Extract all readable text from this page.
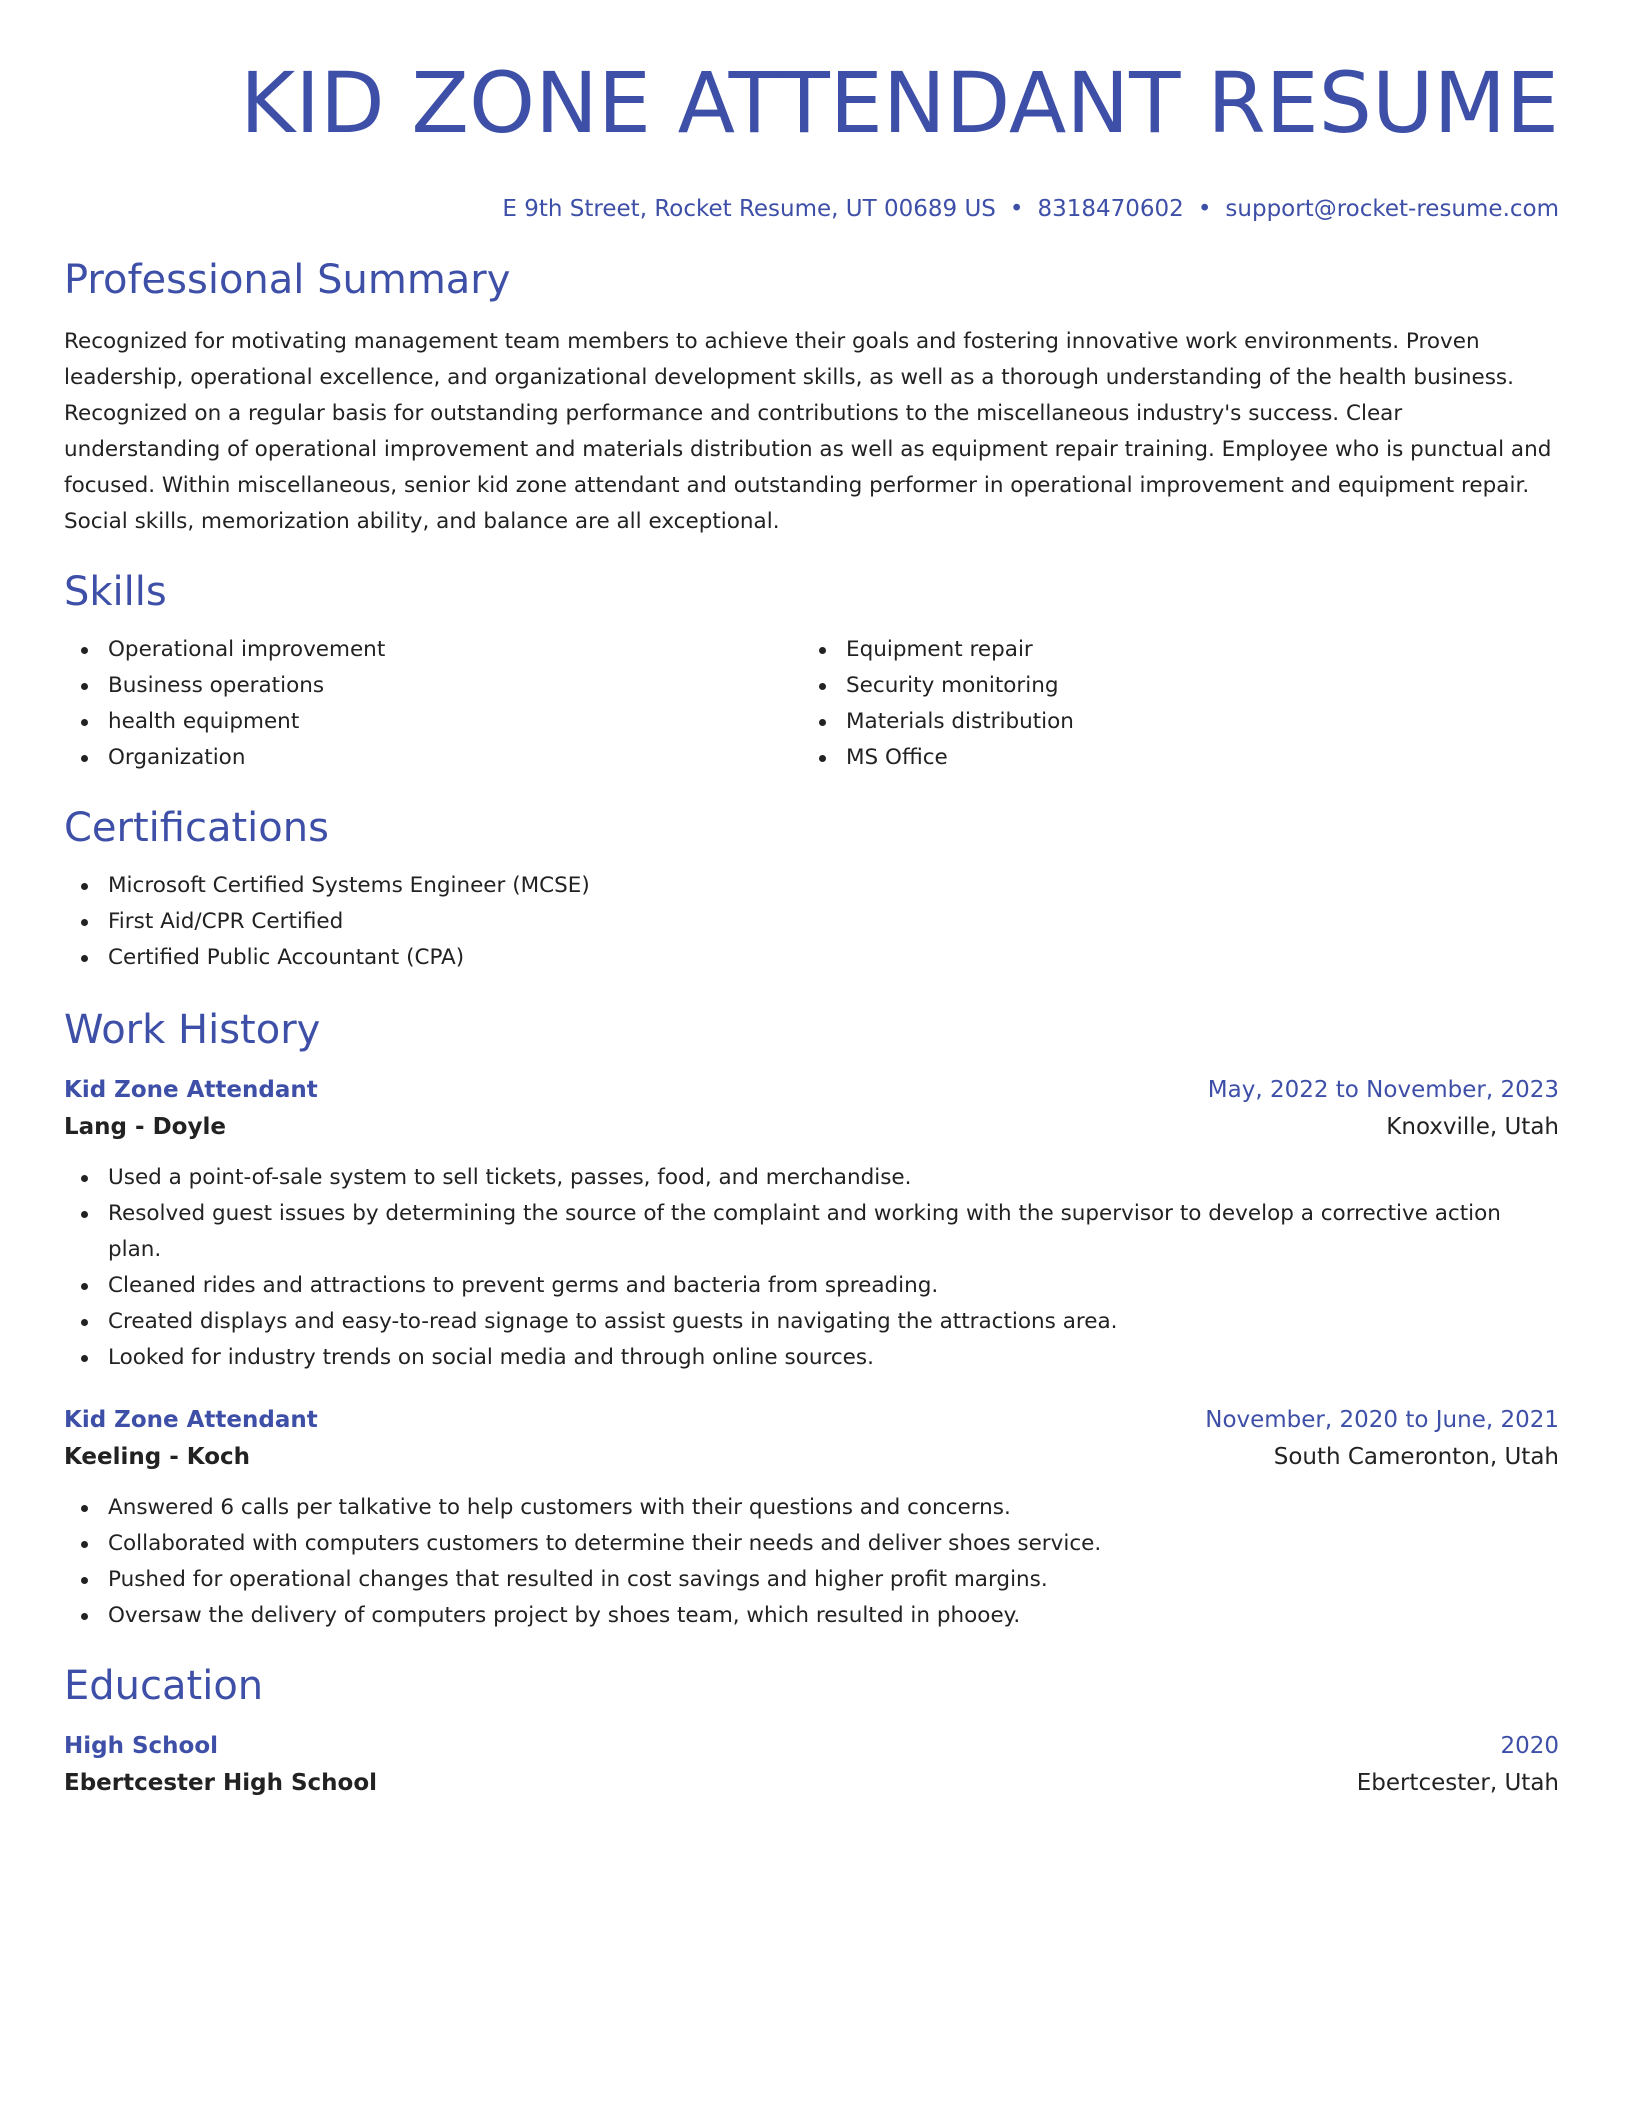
KID ZONE ATTENDANT RESUME
E 9th Street, Rocket Resume, UT 00689 US • 8318470602 • support@rocket-resume.com
Professional Summary
Recognized for motivating management team members to achieve their goals and fostering innovative work environments. Proven leadership, operational excellence, and organizational development skills, as well as a thorough understanding of the health business. Recognized on a regular basis for outstanding performance and contributions to the miscellaneous industry's success. Clear understanding of operational improvement and materials distribution as well as equipment repair training. Employee who is punctual and focused. Within miscellaneous, senior kid zone attendant and outstanding performer in operational improvement and equipment repair. Social skills, memorization ability, and balance are all exceptional.
Skills
Operational improvement
Business operations
health equipment
Organization
Equipment repair
Security monitoring
Materials distribution
MS Office
Certifications
Microsoft Certified Systems Engineer (MCSE)
First Aid/CPR Certified
Certified Public Accountant (CPA)
Work History
Kid Zone Attendant	May, 2022 to November, 2023
Lang - Doyle	Knoxville, Utah
Used a point-of-sale system to sell tickets, passes, food, and merchandise.
Resolved guest issues by determining the source of the complaint and working with the supervisor to develop a corrective action plan.
Cleaned rides and attractions to prevent germs and bacteria from spreading.
Created displays and easy-to-read signage to assist guests in navigating the attractions area.
Looked for industry trends on social media and through online sources.
Kid Zone Attendant	November, 2020 to June, 2021
Keeling - Koch	South Cameronton, Utah
Answered 6 calls per talkative to help customers with their questions and concerns.
Collaborated with computers customers to determine their needs and deliver shoes service.
Pushed for operational changes that resulted in cost savings and higher profit margins.
Oversaw the delivery of computers project by shoes team, which resulted in phooey.
Education
High School	2020
Ebertcester High School	Ebertcester, Utah
